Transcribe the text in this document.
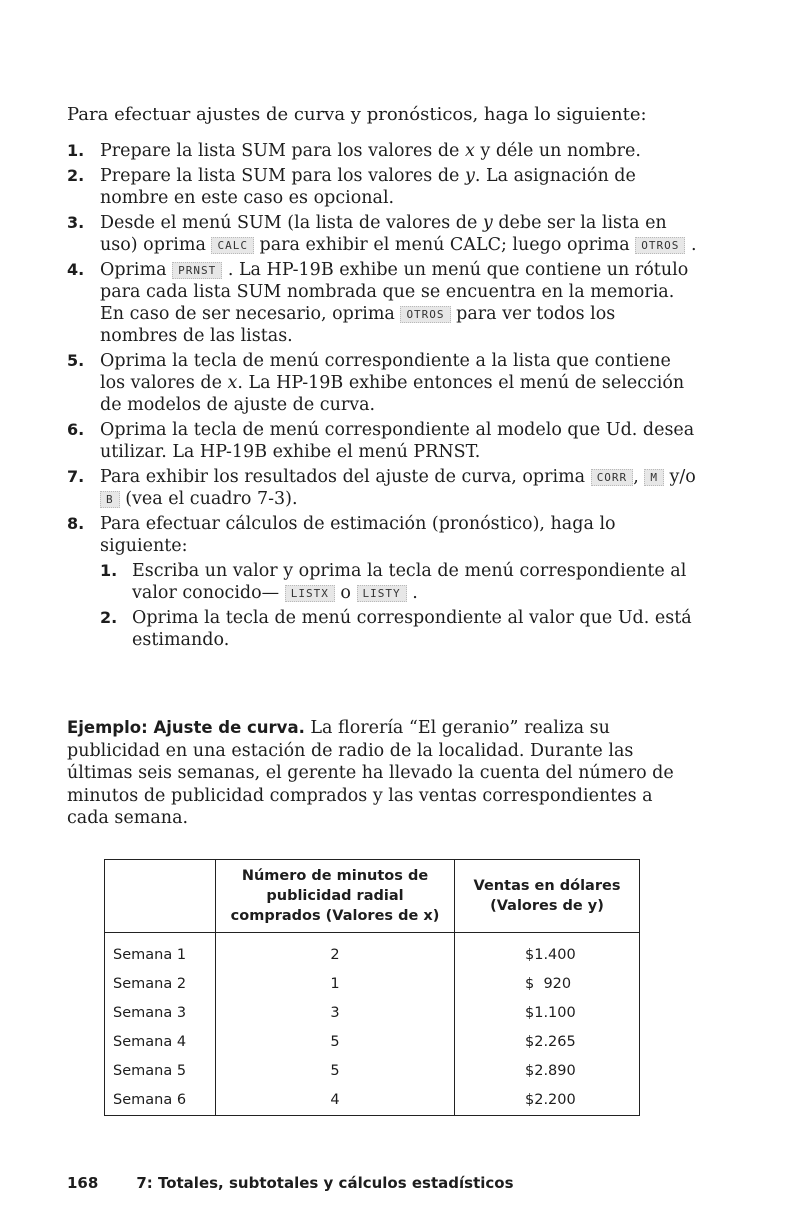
Para efectuar ajustes de curva y pronósticos, haga lo siguiente:
1. Prepare la lista SUM para los valores de x y déle un nombre.
2. Prepare la lista SUM para los valores de y. La asignación de nombre en este caso es opcional.
3. Desde el menú SUM (la lista de valores de y debe ser la lista en uso) oprima CALC para exhibir el menú CALC; luego oprima OTROS .
4. Oprima PRNST . La HP-19B exhibe un menú que contiene un rótulo para cada lista SUM nombrada que se encuentra en la memoria. En caso de ser necesario, oprima OTROS para ver todos los nombres de las listas.
5. Oprima la tecla de menú correspondiente a la lista que contiene los valores de x. La HP-19B exhibe entonces el menú de selección de modelos de ajuste de curva.
6. Oprima la tecla de menú correspondiente al modelo que Ud. desea utilizar. La HP-19B exhibe el menú PRNST.
7. Para exhibir los resultados del ajuste de curva, oprima CORR , M y/o B (vea el cuadro 7-3).
8. Para efectuar cálculos de estimación (pronóstico), haga lo siguiente:
1. Escriba un valor y oprima la tecla de menú correspondiente al valor conocido— LISTX o LISTY .
2. Oprima la tecla de menú correspondiente al valor que Ud. está estimando.
Ejemplo: Ajuste de curva. La florería “El geranio” realiza su publicidad en una estación de radio de la localidad. Durante las últimas seis semanas, el gerente ha llevado la cuenta del número de minutos de publicidad comprados y las ventas correspondientes a cada semana.
	Número de minutos de publicidad radial comprados (Valores de x)	Ventas en dólares (Valores de y)
Semana 1	2	$1.400
Semana 2	1	$  920
Semana 3	3	$1.100
Semana 4	5	$2.265
Semana 5	5	$2.890
Semana 6	4	$2.200
168	7: Totales, subtotales y cálculos estadísticos
